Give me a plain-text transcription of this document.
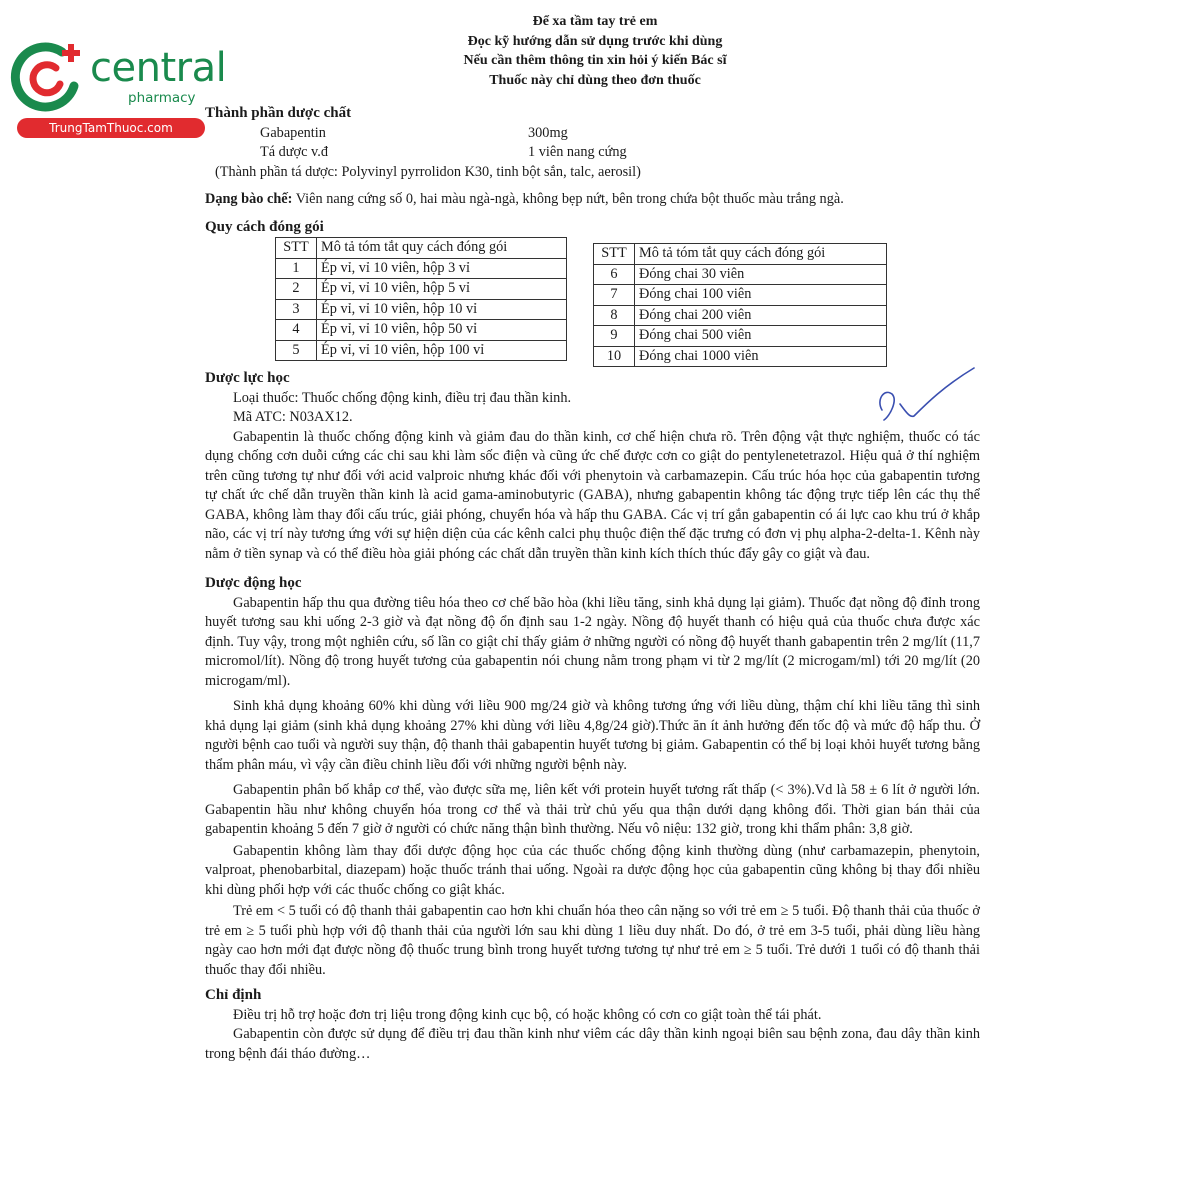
central
pharmacy
TrungTamThuoc.com
Để xa tầm tay trẻ em
Đọc kỹ hướng dẫn sử dụng trước khi dùng
Nếu cần thêm thông tin xin hỏi ý kiến Bác sĩ
Thuốc này chỉ dùng theo đơn thuốc
Thành phần dược chất
Gabapentin	300mg
Tá dược v.đ	1 viên nang cứng
(Thành phần tá dược: Polyvinyl pyrrolidon K30, tinh bột sắn, talc, aerosil)

Dạng bào chế: Viên nang cứng số 0, hai màu ngà-ngà, không bẹp nứt, bên trong chứa bột thuốc màu trắng ngà.

Quy cách đóng gói
STT	Mô tả tóm tắt quy cách đóng gói
1	Ép vỉ, vỉ 10 viên, hộp 3 vỉ
2	Ép vỉ, vỉ 10 viên, hộp 5 vỉ
3	Ép vỉ, vỉ 10 viên, hộp 10 vỉ
4	Ép vỉ, vỉ 10 viên, hộp 50 vỉ
5	Ép vỉ, vỉ 10 viên, hộp 100 vỉ
STT	Mô tả tóm tắt quy cách đóng gói
6	Đóng chai 30 viên
7	Đóng chai 100 viên
8	Đóng chai 200 viên
9	Đóng chai 500 viên
10	Đóng chai 1000 viên
Dược lực học
Loại thuốc: Thuốc chống động kinh, điều trị đau thần kinh.
Mã ATC: N03AX12.

Gabapentin là thuốc chống động kinh và giảm đau do thần kinh, cơ chế hiện chưa rõ. Trên động vật thực nghiệm, thuốc có tác dụng chống cơn duỗi cứng các chi sau khi làm sốc điện và cũng ức chế được cơn co giật do pentylenetetrazol. Hiệu quả ở thí nghiệm trên cũng tương tự như đối với acid valproic nhưng khác đối với phenytoin và carbamazepin. Cấu trúc hóa học của gabapentin tương tự chất ức chế dẫn truyền thần kinh là acid gama-aminobutyric (GABA), nhưng gabapentin không tác động trực tiếp lên các thụ thể GABA, không làm thay đổi cấu trúc, giải phóng, chuyển hóa và hấp thu GABA. Các vị trí gắn gabapentin có ái lực cao khu trú ở khắp não, các vị trí này tương ứng với sự hiện diện của các kênh calci phụ thuộc điện thế đặc trưng có đơn vị phụ alpha-2-delta-1. Kênh này nằm ở tiền synap và có thể điều hòa giải phóng các chất dẫn truyền thần kinh kích thích thúc đẩy gây co giật và đau.

Dược động học

Gabapentin hấp thu qua đường tiêu hóa theo cơ chế bão hòa (khi liều tăng, sinh khả dụng lại giảm). Thuốc đạt nồng độ đỉnh trong huyết tương sau khi uống 2-3 giờ và đạt nồng độ ổn định sau 1-2 ngày. Nồng độ huyết thanh có hiệu quả của thuốc chưa được xác định. Tuy vậy, trong một nghiên cứu, số lần co giật chỉ thấy giảm ở những người có nồng độ huyết thanh gabapentin trên 2 mg/lít (11,7 micromol/lít). Nồng độ trong huyết tương của gabapentin nói chung nằm trong phạm vi từ 2 mg/lít (2 microgam/ml) tới 20 mg/lít (20 microgam/ml).

Sinh khả dụng khoảng 60% khi dùng với liều 900 mg/24 giờ và không tương ứng với liều dùng, thậm chí khi liều tăng thì sinh khả dụng lại giảm (sinh khả dụng khoảng 27% khi dùng với liều 4,8g/24 giờ).Thức ăn ít ảnh hưởng đến tốc độ và mức độ hấp thu. Ở người bệnh cao tuổi và người suy thận, độ thanh thải gabapentin huyết tương bị giảm. Gabapentin có thể bị loại khỏi huyết tương bằng thẩm phân máu, vì vậy cần điều chỉnh liều đối với những người bệnh này.

Gabapentin phân bố khắp cơ thể, vào được sữa mẹ, liên kết với protein huyết tương rất thấp (< 3%).Vd là 58 ± 6 lít ở người lớn. Gabapentin hầu như không chuyển hóa trong cơ thể và thải trừ chủ yếu qua thận dưới dạng không đổi. Thời gian bán thải của gabapentin khoảng 5 đến 7 giờ ở người có chức năng thận bình thường. Nếu vô niệu: 132 giờ, trong khi thẩm phân: 3,8 giờ.

Gabapentin không làm thay đổi dược động học của các thuốc chống động kinh thường dùng (như carbamazepin, phenytoin, valproat, phenobarbital, diazepam) hoặc thuốc tránh thai uống. Ngoài ra dược động học của gabapentin cũng không bị thay đổi nhiều khi dùng phối hợp với các thuốc chống co giật khác.

Trẻ em < 5 tuổi có độ thanh thải gabapentin cao hơn khi chuẩn hóa theo cân nặng so với trẻ em ≥ 5 tuổi. Độ thanh thải của thuốc ở trẻ em ≥ 5 tuổi phù hợp với độ thanh thải của người lớn sau khi dùng 1 liều duy nhất. Do đó, ở trẻ em 3-5 tuổi, phải dùng liều hàng ngày cao hơn mới đạt được nồng độ thuốc trung bình trong huyết tương tương tự như trẻ em ≥ 5 tuổi. Trẻ dưới 1 tuổi có độ thanh thải thuốc thay đổi nhiều.

Chỉ định

Điều trị hỗ trợ hoặc đơn trị liệu trong động kinh cục bộ, có hoặc không có cơn co giật toàn thể tái phát.

Gabapentin còn được sử dụng để điều trị đau thần kinh như viêm các dây thần kinh ngoại biên sau bệnh zona, đau dây thần kinh trong bệnh đái tháo đường…
